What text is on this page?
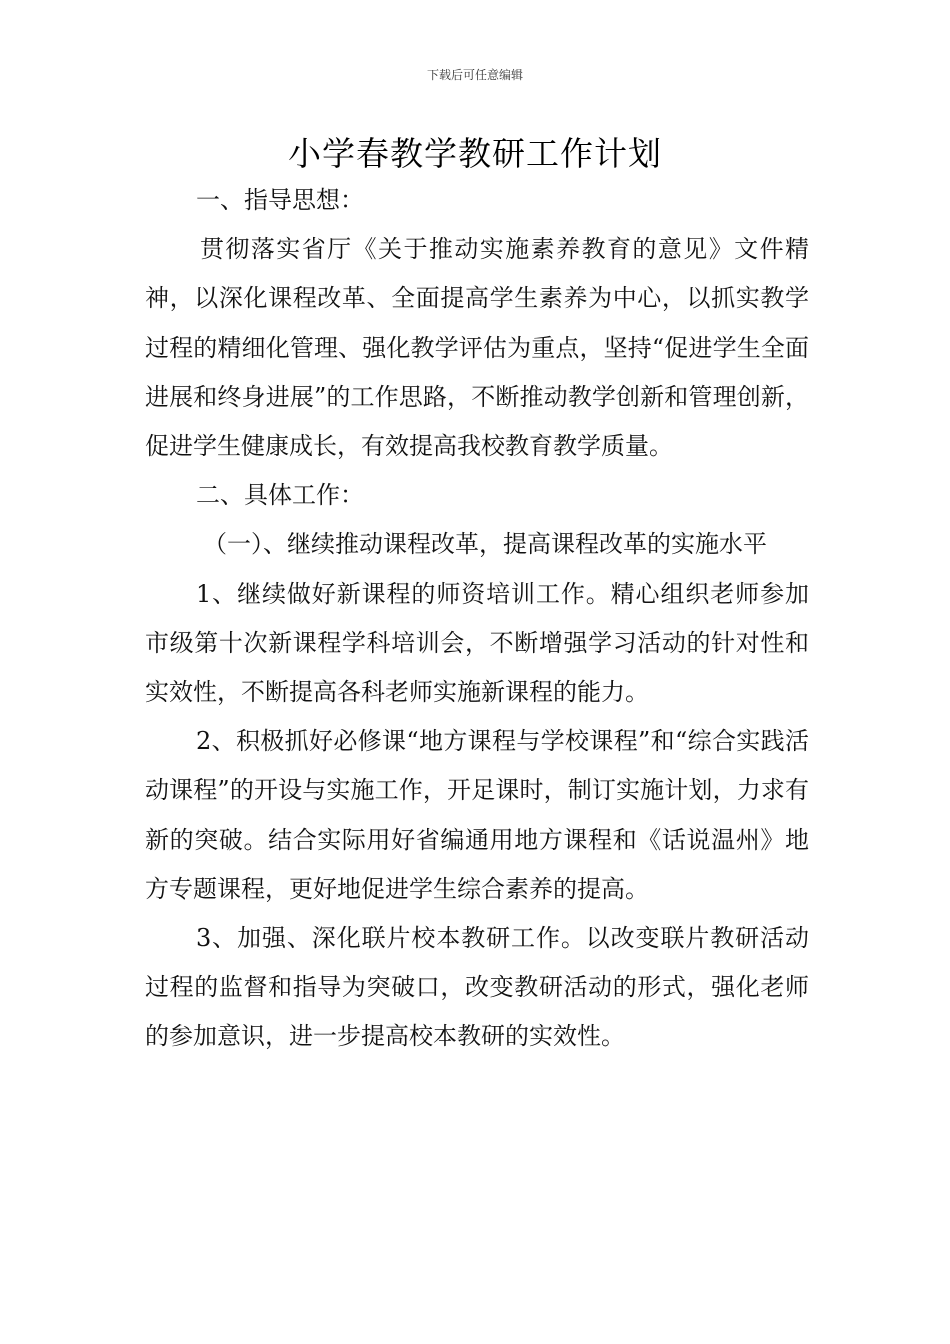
下载后可任意编辑
小学春教学教研工作计划

一、指导思想：

贯彻落实省厅《关于推动实施素养教育的意见》文件精神，以深化课程改革、全面提高学生素养为中心，以抓实教学过程的精细化管理、强化教学评估为重点，坚持“促进学生全面进展和终身进展”的工作思路，不断推动教学创新和管理创新，促进学生健康成长，有效提高我校教育教学质量。

二、具体工作：

（一）、继续推动课程改革，提高课程改革的实施水平

1、继续做好新课程的师资培训工作。精心组织老师参加市级第十次新课程学科培训会，不断增强学习活动的针对性和实效性，不断提高各科老师实施新课程的能力。

2、积极抓好必修课“地方课程与学校课程”和“综合实践活动课程”的开设与实施工作，开足课时，制订实施计划，力求有新的突破。结合实际用好省编通用地方课程和《话说温州》地方专题课程，更好地促进学生综合素养的提高。

3、加强、深化联片校本教研工作。以改变联片教研活动过程的监督和指导为突破口，改变教研活动的形式，强化老师的参加意识，进一步提高校本教研的实效性。
